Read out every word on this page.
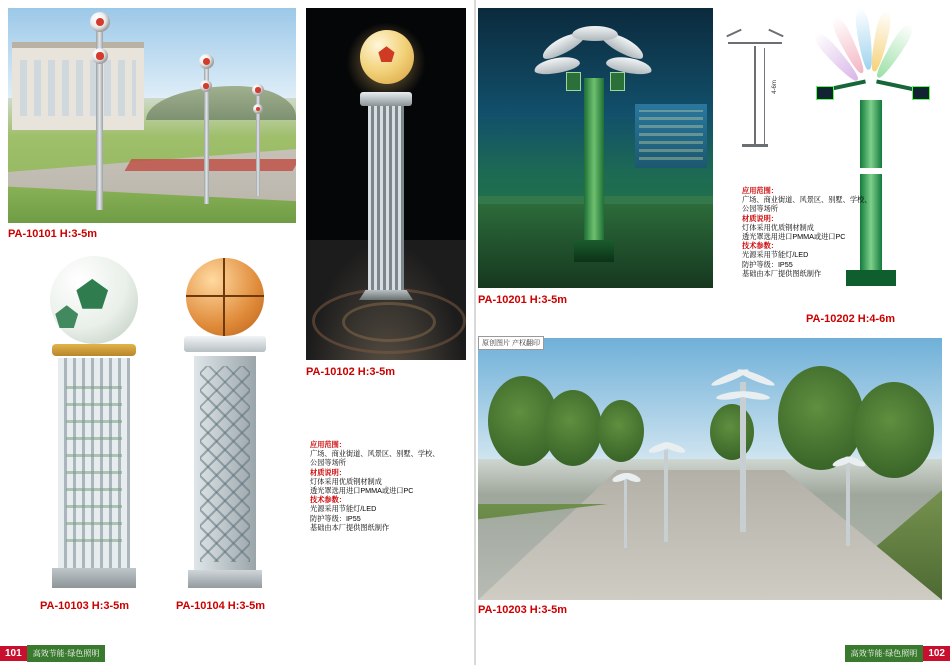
PA-10101 H:3-5m
PA-10103 H:3-5m	PA-10104 H:3-5m
PA-10102 H:3-5m
应用范围：
广场、商业街道、风景区、别墅、学校、公园等场所
材质说明：
灯体采用优质钢材制成
透光罩选用进口PMMA或进口PC
技术参数：
光源采用节能灯/LED
防护等级：IP55
基础由本厂提供图纸制作
PA-10201 H:3-5m
4-6m
PA-10202 H:4-6m
应用范围：
广场、商业街道、风景区、别墅、学校、公园等场所
材质说明：
灯体采用优质钢材制成
透光罩选用进口PMMA或进口PC
技术参数：
光源采用节能灯/LED
防护等级：IP55
基础由本厂提供图纸制作
PA-10203 H:3-5m
原创图片 产权翻印
101 高效节能·绿色照明	高效节能·绿色照明 102
